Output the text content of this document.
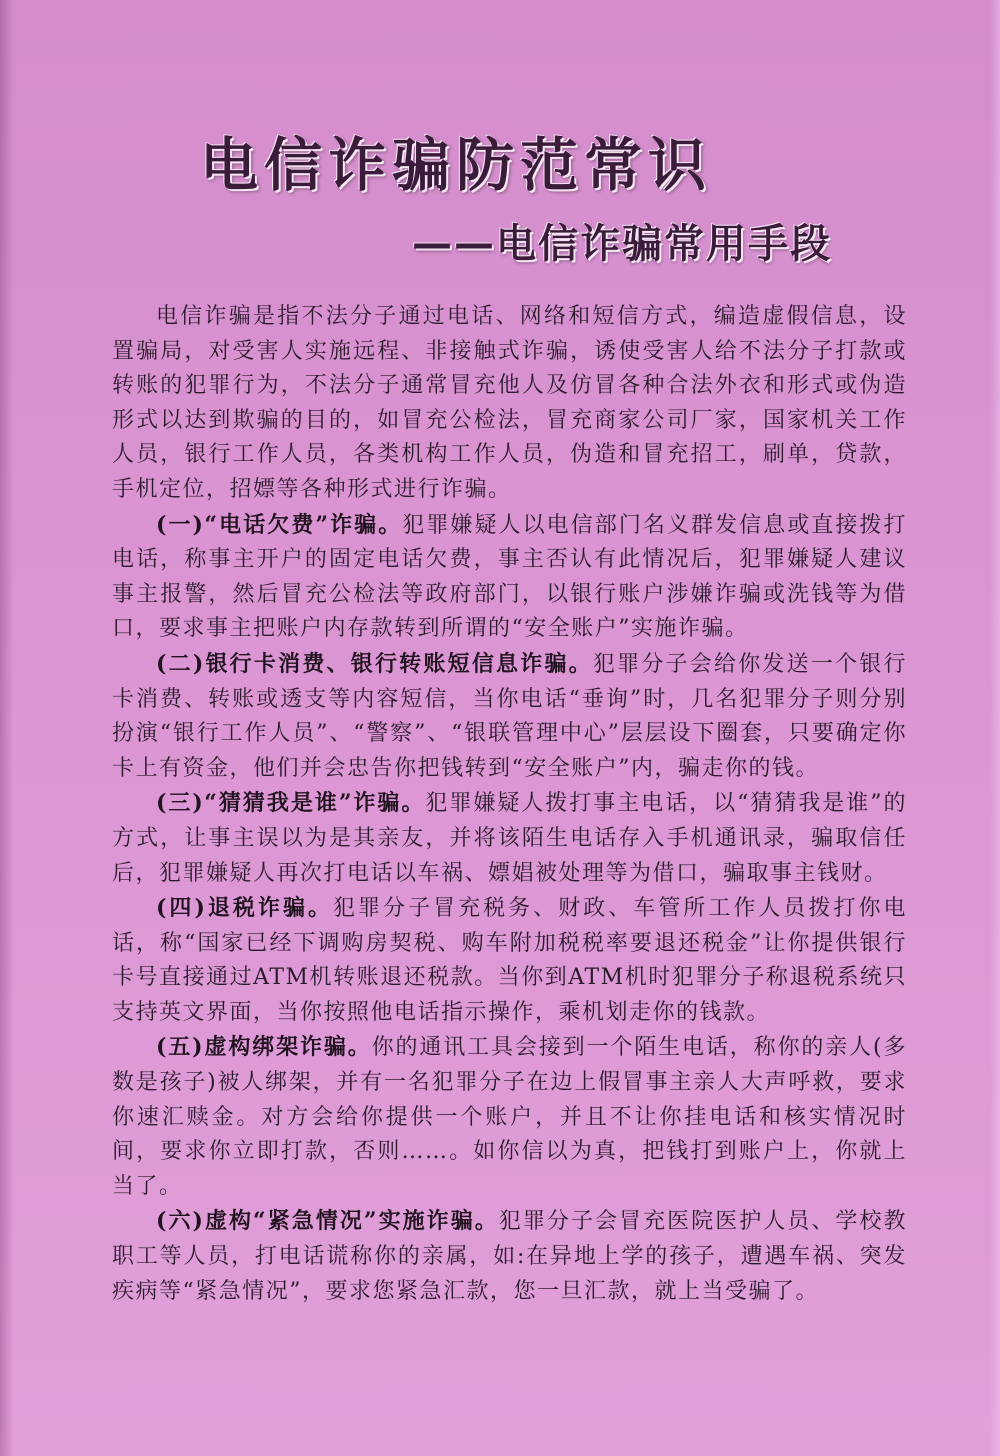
电信诈骗防范常识
——电信诈骗常用手段

电信诈骗是指不法分子通过电话、网络和短信方式，编造虚假信息，设置骗局，对受害人实施远程、非接触式诈骗，诱使受害人给不法分子打款或转账的犯罪行为，不法分子通常冒充他人及仿冒各种合法外衣和形式或伪造形式以达到欺骗的目的，如冒充公检法，冒充商家公司厂家，国家机关工作人员，银行工作人员，各类机构工作人员，伪造和冒充招工，刷单，贷款，手机定位，招嫖等各种形式进行诈骗。

(一)“电话欠费”诈骗。犯罪嫌疑人以电信部门名义群发信息或直接拨打电话，称事主开户的固定电话欠费，事主否认有此情况后，犯罪嫌疑人建议事主报警，然后冒充公检法等政府部门，以银行账户涉嫌诈骗或洗钱等为借口，要求事主把账户内存款转到所谓的“安全账户”实施诈骗。

(二)银行卡消费、银行转账短信息诈骗。犯罪分子会给你发送一个银行卡消费、转账或透支等内容短信，当你电话“垂询”时，几名犯罪分子则分别扮演“银行工作人员”、“警察”、“银联管理中心”层层设下圈套，只要确定你卡上有资金，他们并会忠告你把钱转到“安全账户”内，骗走你的钱。

(三)“猜猜我是谁”诈骗。犯罪嫌疑人拨打事主电话，以“猜猜我是谁”的方式，让事主误以为是其亲友，并将该陌生电话存入手机通讯录，骗取信任后，犯罪嫌疑人再次打电话以车祸、嫖娼被处理等为借口，骗取事主钱财。

(四)退税诈骗。犯罪分子冒充税务、财政、车管所工作人员拨打你电话，称“国家已经下调购房契税、购车附加税税率要退还税金”让你提供银行卡号直接通过ATM机转账退还税款。当你到ATM机时犯罪分子称退税系统只支持英文界面，当你按照他电话指示操作，乘机划走你的钱款。

(五)虚构绑架诈骗。你的通讯工具会接到一个陌生电话，称你的亲人(多数是孩子)被人绑架，并有一名犯罪分子在边上假冒事主亲人大声呼救，要求你速汇赎金。对方会给你提供一个账户，并且不让你挂电话和核实情况时间，要求你立即打款，否则……。如你信以为真，把钱打到账户上，你就上当了。

(六)虚构“紧急情况”实施诈骗。犯罪分子会冒充医院医护人员、学校教职工等人员，打电话谎称你的亲属，如:在异地上学的孩子，遭遇车祸、突发疾病等“紧急情况”，要求您紧急汇款，您一旦汇款，就上当受骗了。
